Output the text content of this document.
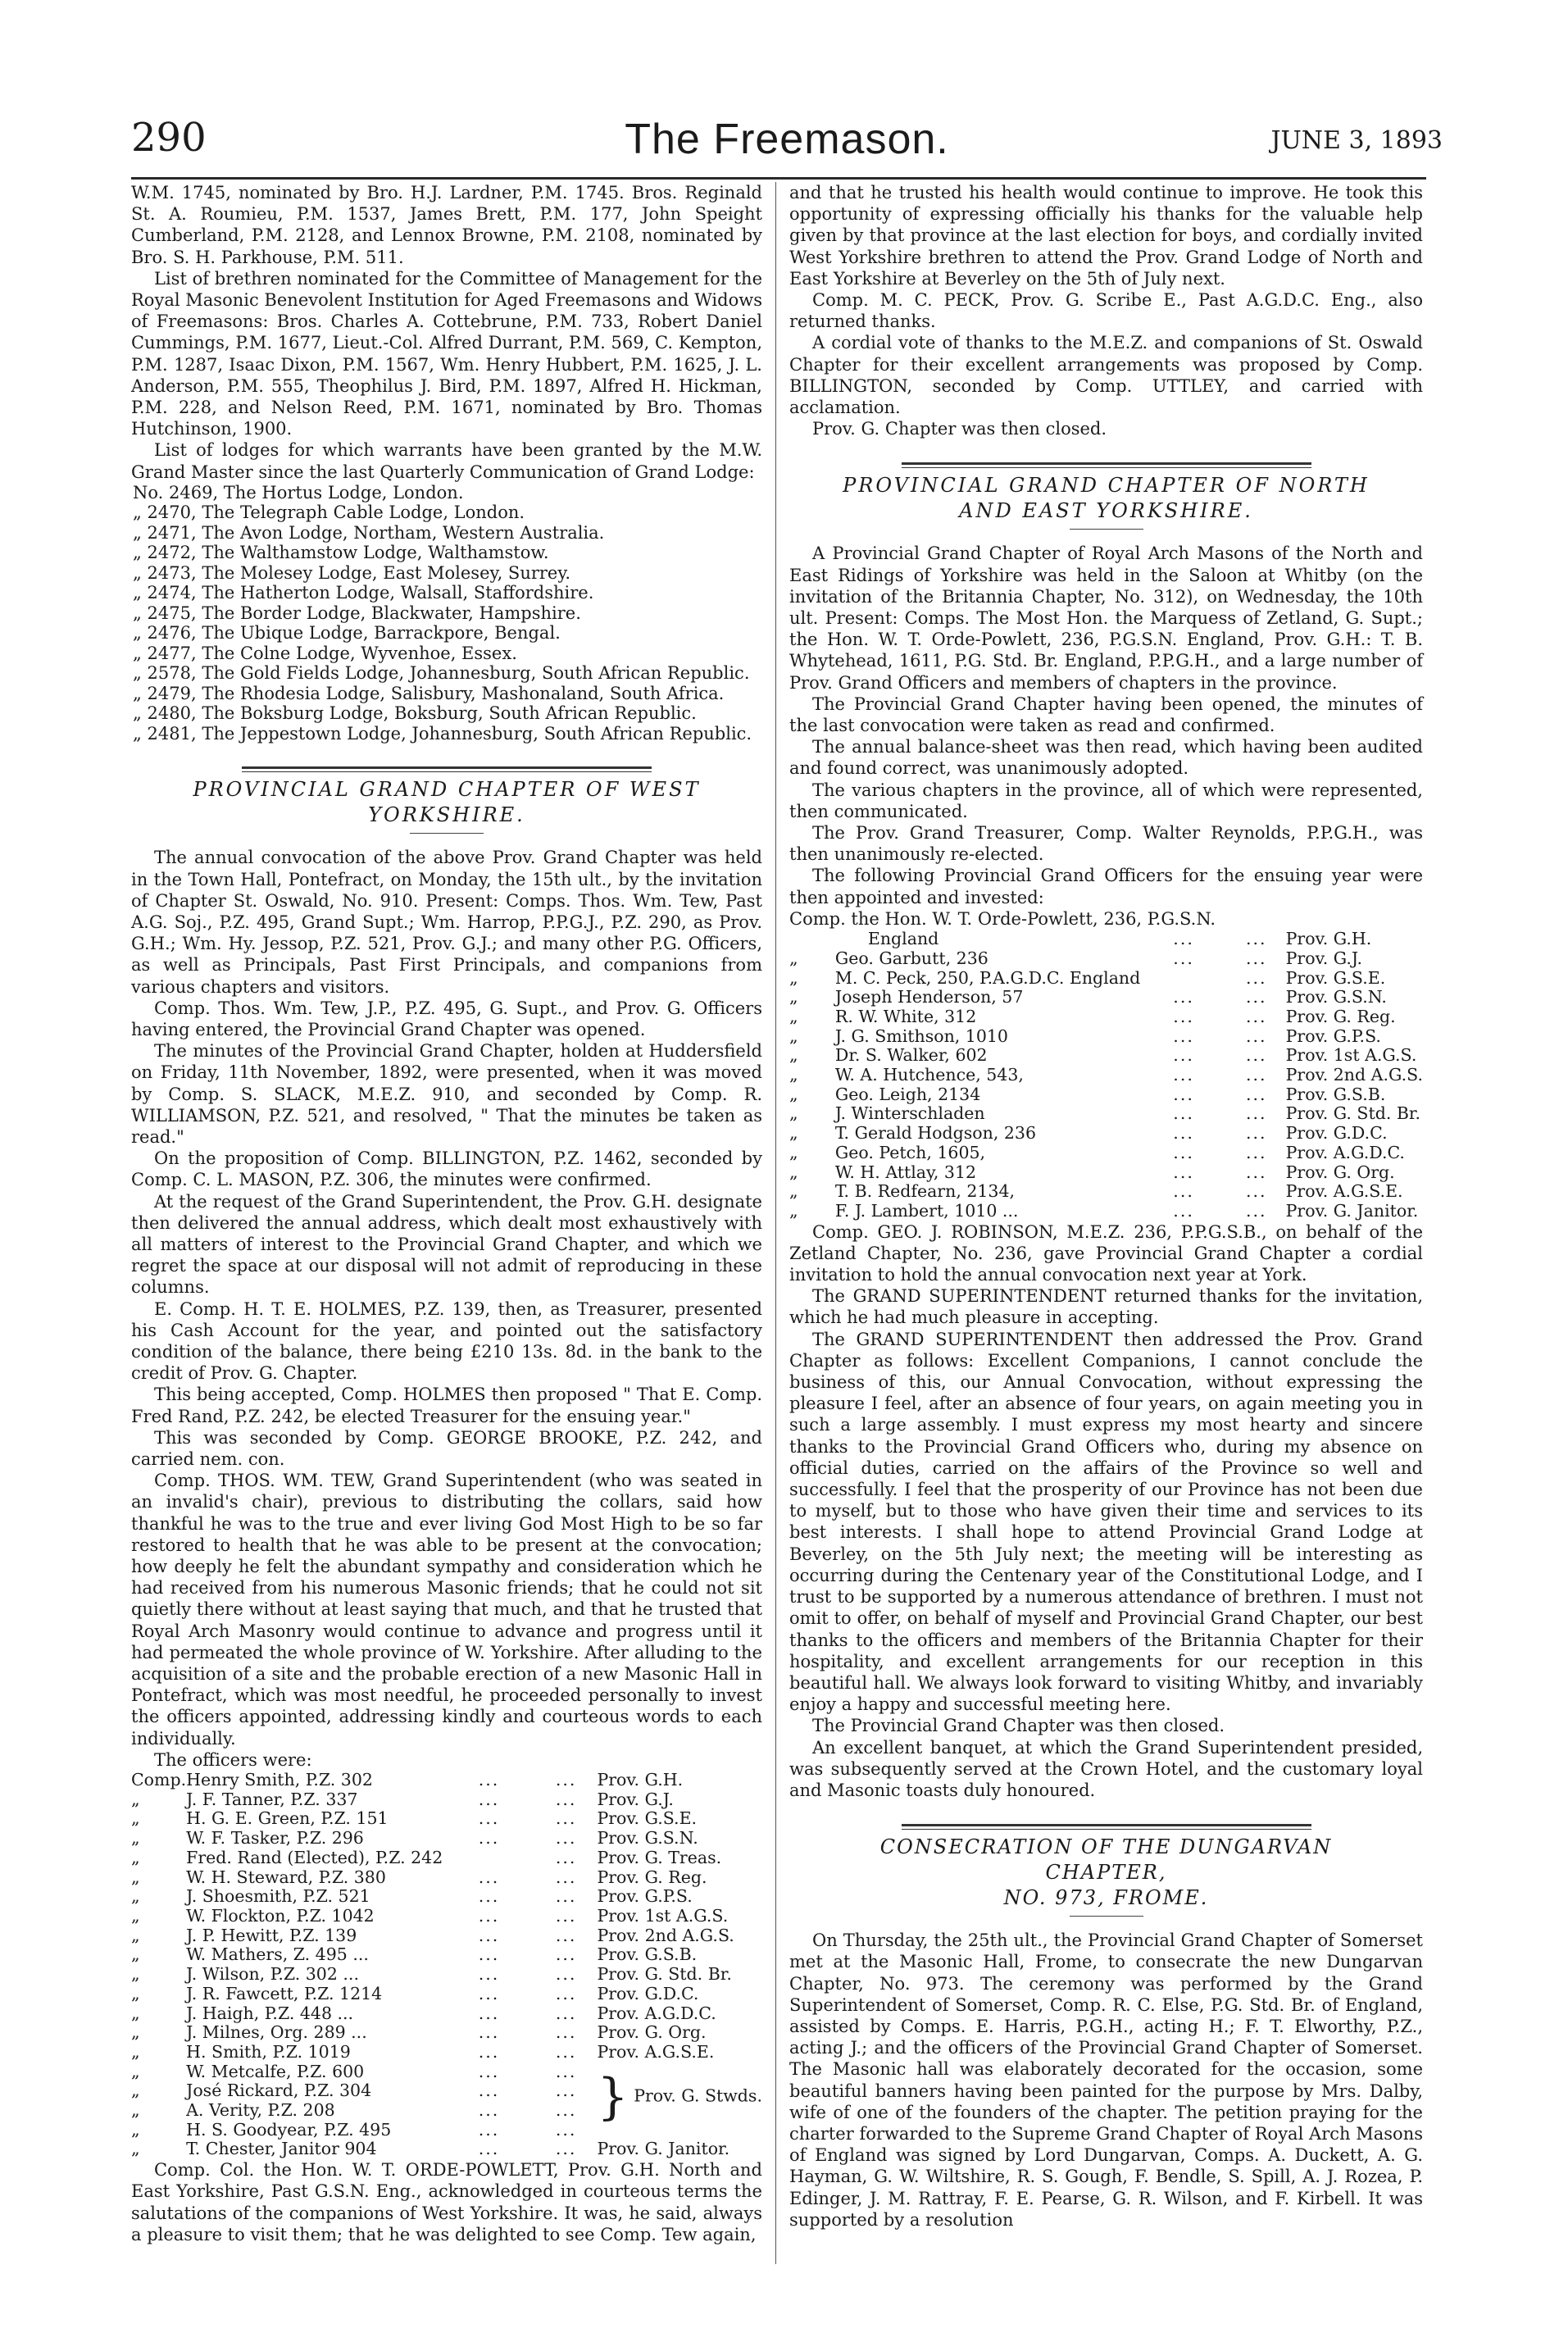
290	The Freemason.	JUNE 3, 1893

W.M. 1745, nominated by Bro. H.J. Lardner, P.M. 1745. Bros. Reginald St. A. Roumieu, P.M. 1537, James Brett, P.M. 177, John Speight Cumberland, P.M. 2128, and Lennox Browne, P.M. 2108, nominated by Bro. S. H. Parkhouse, P.M. 511.

List of brethren nominated for the Committee of Management for the Royal Masonic Benevolent Institution for Aged Freemasons and Widows of Freemasons: Bros. Charles A. Cottebrune, P.M. 733, Robert Daniel Cummings, P.M. 1677, Lieut.-Col. Alfred Durrant, P.M. 569, C. Kempton, P.M. 1287, Isaac Dixon, P.M. 1567, Wm. Henry Hubbert, P.M. 1625, J. L. Anderson, P.M. 555, Theophilus J. Bird, P.M. 1897, Alfred H. Hickman, P.M. 228, and Nelson Reed, P.M. 1671, nominated by Bro. Thomas Hutchinson, 1900.

List of lodges for which warrants have been granted by the M.W. Grand Master since the last Quarterly Communication of Grand Lodge:

No. 2469, The Hortus Lodge, London.
„ 2470, The Telegraph Cable Lodge, London.
„ 2471, The Avon Lodge, Northam, Western Australia.
„ 2472, The Walthamstow Lodge, Walthamstow.
„ 2473, The Molesey Lodge, East Molesey, Surrey.
„ 2474, The Hatherton Lodge, Walsall, Staffordshire.
„ 2475, The Border Lodge, Blackwater, Hampshire.
„ 2476, The Ubique Lodge, Barrackpore, Bengal.
„ 2477, The Colne Lodge, Wyvenhoe, Essex.
„ 2578, The Gold Fields Lodge, Johannesburg, South African Republic.
„ 2479, The Rhodesia Lodge, Salisbury, Mashonaland, South Africa.
„ 2480, The Boksburg Lodge, Boksburg, South African Republic.
„ 2481, The Jeppestown Lodge, Johannesburg, South African Republic.
PROVINCIAL GRAND CHAPTER OF WEST YORKSHIRE.

The annual convocation of the above Prov. Grand Chapter was held in the Town Hall, Pontefract, on Monday, the 15th ult., by the invitation of Chapter St. Oswald, No. 910. Present: Comps. Thos. Wm. Tew, Past A.G. Soj., P.Z. 495, Grand Supt.; Wm. Harrop, P.P.G.J., P.Z. 290, as Prov. G.H.; Wm. Hy. Jessop, P.Z. 521, Prov. G.J.; and many other P.G. Officers, as well as Principals, Past First Principals, and companions from various chapters and visitors.

Comp. Thos. Wm. Tew, J.P., P.Z. 495, G. Supt., and Prov. G. Officers having entered, the Provincial Grand Chapter was opened.

The minutes of the Provincial Grand Chapter, holden at Huddersfield on Friday, 11th November, 1892, were presented, when it was moved by Comp. S. SLACK, M.E.Z. 910, and seconded by Comp. R. WILLIAMSON, P.Z. 521, and resolved, " That the minutes be taken as read."

On the proposition of Comp. BILLINGTON, P.Z. 1462, seconded by Comp. C. L. MASON, P.Z. 306, the minutes were confirmed.

At the request of the Grand Superintendent, the Prov. G.H. designate then delivered the annual address, which dealt most exhaustively with all matters of interest to the Provincial Grand Chapter, and which we regret the space at our disposal will not admit of reproducing in these columns.

E. Comp. H. T. E. HOLMES, P.Z. 139, then, as Treasurer, presented his Cash Account for the year, and pointed out the satisfactory condition of the balance, there being £210 13s. 8d. in the bank to the credit of Prov. G. Chapter.

This being accepted, Comp. HOLMES then proposed " That E. Comp. Fred Rand, P.Z. 242, be elected Treasurer for the ensuing year."

This was seconded by Comp. GEORGE BROOKE, P.Z. 242, and carried nem. con.

Comp. THOS. WM. TEW, Grand Superintendent (who was seated in an invalid's chair), previous to distributing the collars, said how thankful he was to the true and ever living God Most High to be so far restored to health that he was able to be present at the convocation; how deeply he felt the abundant sympathy and consideration which he had received from his numerous Masonic friends; that he could not sit quietly there without at least saying that much, and that he trusted that Royal Arch Masonry would continue to advance and progress until it had permeated the whole province of W. Yorkshire. After alluding to the acquisition of a site and the probable erection of a new Masonic Hall in Pontefract, which was most needful, he proceeded personally to invest the officers appointed, addressing kindly and courteous words to each individually.

The officers were:

Comp.	Henry Smith, P.Z. 302	...	...	Prov. G.H.
„	J. F. Tanner, P.Z. 337	...	...	Prov. G.J.
„	H. G. E. Green, P.Z. 151	...	...	Prov. G.S.E.
„	W. F. Tasker, P.Z. 296	...	...	Prov. G.S.N.
„	Fred. Rand (Elected), P.Z. 242		...	Prov. G. Treas.
„	W. H. Steward, P.Z. 380	...	...	Prov. G. Reg.
„	J. Shoesmith, P.Z. 521	...	...	Prov. G.P.S.
„	W. Flockton, P.Z. 1042	...	...	Prov. 1st A.G.S.
„	J. P. Hewitt, P.Z. 139	...	...	Prov. 2nd A.G.S.
„	W. Mathers, Z. 495 ...	...	...	Prov. G.S.B.
„	J. Wilson, P.Z. 302 ...	...	...	Prov. G. Std. Br.
„	J. R. Fawcett, P.Z. 1214	...	...	Prov. G.D.C.
„	J. Haigh, P.Z. 448 ...	...	...	Prov. A.G.D.C.
„	J. Milnes, Org. 289 ...	...	...	Prov. G. Org.
„	H. Smith, P.Z. 1019	...	...	Prov. A.G.S.E.
„	W. Metcalfe, P.Z. 600	...	...	} Prov. G. Stwds.
„	José Rickard, P.Z. 304	...	...	
„	A. Verity, P.Z. 208	...	...	
„	H. S. Goodyear, P.Z. 495	...	...	
„	T. Chester, Janitor 904	...	...	Prov. G. Janitor.

Comp. Col. the Hon. W. T. ORDE-POWLETT, Prov. G.H. North and East Yorkshire, Past G.S.N. Eng., acknowledged in courteous terms the salutations of the companions of West Yorkshire. It was, he said, always a pleasure to visit them; that he was delighted to see Comp. Tew again,

and that he trusted his health would continue to improve. He took this opportunity of expressing officially his thanks for the valuable help given by that province at the last election for boys, and cordially invited West Yorkshire brethren to attend the Prov. Grand Lodge of North and East Yorkshire at Beverley on the 5th of July next.

Comp. M. C. PECK, Prov. G. Scribe E., Past A.G.D.C. Eng., also returned thanks.

A cordial vote of thanks to the M.E.Z. and companions of St. Oswald Chapter for their excellent arrangements was proposed by Comp. BILLINGTON, seconded by Comp. UTTLEY, and carried with acclamation.

Prov. G. Chapter was then closed.

PROVINCIAL GRAND CHAPTER OF NORTH AND EAST YORKSHIRE.

A Provincial Grand Chapter of Royal Arch Masons of the North and East Ridings of Yorkshire was held in the Saloon at Whitby (on the invitation of the Britannia Chapter, No. 312), on Wednesday, the 10th ult. Present: Comps. The Most Hon. the Marquess of Zetland, G. Supt.; the Hon. W. T. Orde-Powlett, 236, P.G.S.N. England, Prov. G.H.: T. B. Whytehead, 1611, P.G. Std. Br. England, P.P.G.H., and a large number of Prov. Grand Officers and members of chapters in the province.

The Provincial Grand Chapter having been opened, the minutes of the last convocation were taken as read and confirmed.

The annual balance-sheet was then read, which having been audited and found correct, was unanimously adopted.

The various chapters in the province, all of which were represented, then communicated.

The Prov. Grand Treasurer, Comp. Walter Reynolds, P.P.G.H., was then unanimously re-elected.

The following Provincial Grand Officers for the ensuing year were then appointed and invested:

Comp. the Hon. W. T. Orde-Powlett, 236, P.G.S.N.

	England	...	...	Prov. G.H.
„	Geo. Garbutt, 236	...	...	Prov. G.J.
„	M. C. Peck, 250, P.A.G.D.C. England		...	Prov. G.S.E.
„	Joseph Henderson, 57	...	...	Prov. G.S.N.
„	R. W. White, 312	...	...	Prov. G. Reg.
„	J. G. Smithson, 1010	...	...	Prov. G.P.S.
„	Dr. S. Walker, 602	...	...	Prov. 1st A.G.S.
„	W. A. Hutchence, 543,	...	...	Prov. 2nd A.G.S.
„	Geo. Leigh, 2134	...	...	Prov. G.S.B.
„	J. Winterschladen	...	...	Prov. G. Std. Br.
„	T. Gerald Hodgson, 236	...	...	Prov. G.D.C.
„	Geo. Petch, 1605,	...	...	Prov. A.G.D.C.
„	W. H. Attlay, 312	...	...	Prov. G. Org.
„	T. B. Redfearn, 2134,	...	...	Prov. A.G.S.E.
„	F. J. Lambert, 1010 ...	...	...	Prov. G. Janitor.

Comp. GEO. J. ROBINSON, M.E.Z. 236, P.P.G.S.B., on behalf of the Zetland Chapter, No. 236, gave Provincial Grand Chapter a cordial invitation to hold the annual convocation next year at York.

The GRAND SUPERINTENDENT returned thanks for the invitation, which he had much pleasure in accepting.

The GRAND SUPERINTENDENT then addressed the Prov. Grand Chapter as follows: Excellent Companions, I cannot conclude the business of this, our Annual Convocation, without expressing the pleasure I feel, after an absence of four years, on again meeting you in such a large assembly. I must express my most hearty and sincere thanks to the Provincial Grand Officers who, during my absence on official duties, carried on the affairs of the Province so well and successfully. I feel that the prosperity of our Province has not been due to myself, but to those who have given their time and services to its best interests. I shall hope to attend Provincial Grand Lodge at Beverley, on the 5th July next; the meeting will be interesting as occurring during the Centenary year of the Constitutional Lodge, and I trust to be supported by a numerous attendance of brethren. I must not omit to offer, on behalf of myself and Provincial Grand Chapter, our best thanks to the officers and members of the Britannia Chapter for their hospitality, and excellent arrangements for our reception in this beautiful hall. We always look forward to visiting Whitby, and invariably enjoy a happy and successful meeting here.

The Provincial Grand Chapter was then closed.

An excellent banquet, at which the Grand Superintendent presided, was subsequently served at the Crown Hotel, and the customary loyal and Masonic toasts duly honoured.

CONSECRATION OF THE DUNGARVAN CHAPTER,
NO. 973, FROME.

On Thursday, the 25th ult., the Provincial Grand Chapter of Somerset met at the Masonic Hall, Frome, to consecrate the new Dungarvan Chapter, No. 973. The ceremony was performed by the Grand Superintendent of Somerset, Comp. R. C. Else, P.G. Std. Br. of England, assisted by Comps. E. Harris, P.G.H., acting H.; F. T. Elworthy, P.Z., acting J.; and the officers of the Provincial Grand Chapter of Somerset. The Masonic hall was elaborately decorated for the occasion, some beautiful banners having been painted for the purpose by Mrs. Dalby, wife of one of the founders of the chapter. The petition praying for the charter forwarded to the Supreme Grand Chapter of Royal Arch Masons of England was signed by Lord Dungarvan, Comps. A. Duckett, A. G. Hayman, G. W. Wiltshire, R. S. Gough, F. Bendle, S. Spill, A. J. Rozea, P. Edinger, J. M. Rattray, F. E. Pearse, G. R. Wilson, and F. Kirbell. It was supported by a resolution
